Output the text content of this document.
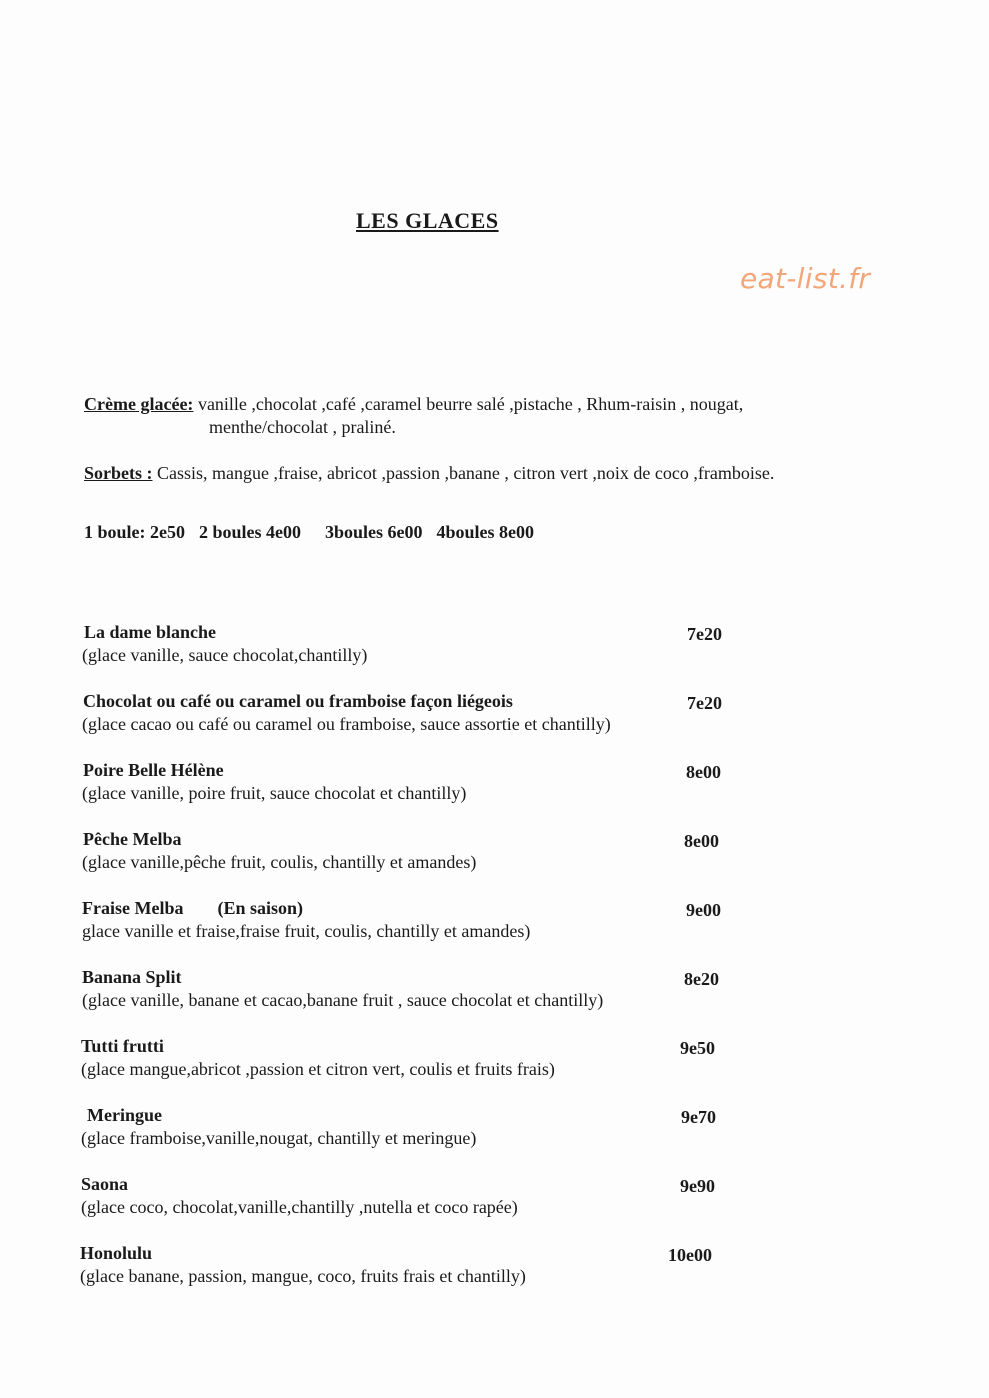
LES GLACES
eat-list.fr
Crème glacée: vanille ,chocolat ,café ,caramel beurre salé ,pistache , Rhum-raisin , nougat,
menthe/chocolat , praliné.
Sorbets : Cassis, mangue ,fraise, abricot ,passion ,banane , citron vert ,noix de coco ,framboise.
1 boule: 2e50 2 boules 4e00 3boules 6e00 4boules 8e00
La dame blanche
(glace vanille, sauce chocolat,chantilly)
7e20
Chocolat ou café ou caramel ou framboise façon liégeois
(glace cacao ou café ou caramel ou framboise, sauce assortie et chantilly)
7e20
Poire Belle Hélène
(glace vanille, poire fruit, sauce chocolat et chantilly)
8e00
Pêche Melba
(glace vanille,pêche fruit, coulis, chantilly et amandes)
8e00
Fraise Melba (En saison)
glace vanille et fraise,fraise fruit, coulis, chantilly et amandes)
9e00
Banana Split
(glace vanille, banane et cacao,banane fruit , sauce chocolat et chantilly)
8e20
Tutti frutti
(glace mangue,abricot ,passion et citron vert, coulis et fruits frais)
9e50
Meringue
(glace framboise,vanille,nougat, chantilly et meringue)
9e70
Saona
(glace coco, chocolat,vanille,chantilly ,nutella et coco rapée)
9e90
Honolulu
(glace banane, passion, mangue, coco, fruits frais et chantilly)
10e00
